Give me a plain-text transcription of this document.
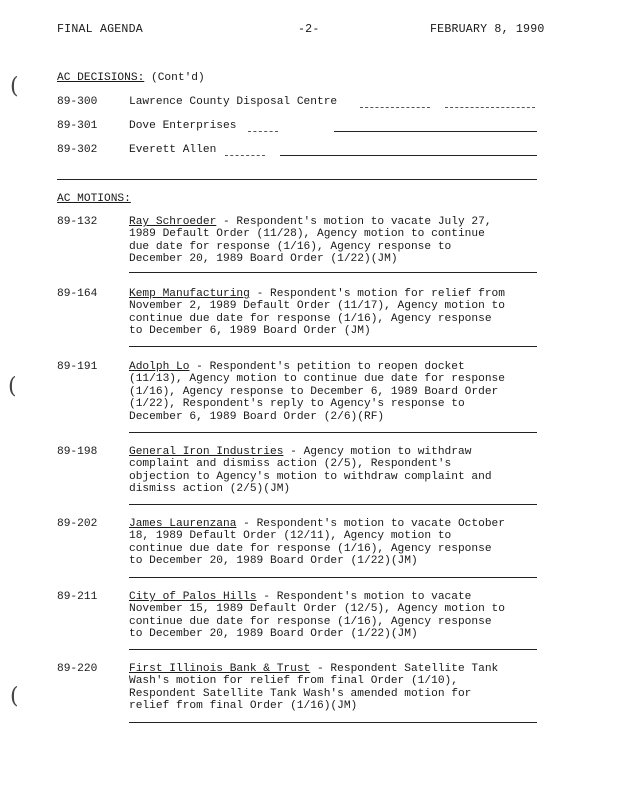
FINAL AGENDA	-2-	FEBRUARY 8, 1990
(
(
(
AC DECISIONS: (Cont'd)
89-300	Lawrence County Disposal Centre
89-301	Dove Enterprises
89-302	Everett Allen
AC MOTIONS:
89-132	Ray Schroeder - Respondent's motion to vacate July 27,
1989 Default Order (11/28), Agency motion to continue
due date for response (1/16), Agency response to
December 20, 1989 Board Order (1/22)(JM)
89-164	Kemp Manufacturing - Respondent's motion for relief from
November 2, 1989 Default Order (11/17), Agency motion to
continue due date for response (1/16), Agency response
to December 6, 1989 Board Order (JM)
89-191	Adolph Lo - Respondent's petition to reopen docket
(11/13), Agency motion to continue due date for response
(1/16), Agency response to December 6, 1989 Board Order
(1/22), Respondent's reply to Agency's response to
December 6, 1989 Board Order (2/6)(RF)
89-198	General Iron Industries - Agency motion to withdraw
complaint and dismiss action (2/5), Respondent's
objection to Agency's motion to withdraw complaint and
dismiss action (2/5)(JM)
89-202	James Laurenzana - Respondent's motion to vacate October
18, 1989 Default Order (12/11), Agency motion to
continue due date for response (1/16), Agency response
to December 20, 1989 Board Order (1/22)(JM)
89-211	City of Palos Hills - Respondent's motion to vacate
November 15, 1989 Default Order (12/5), Agency motion to
continue due date for response (1/16), Agency response
to December 20, 1989 Board Order (1/22)(JM)
89-220	First Illinois Bank & Trust - Respondent Satellite Tank
Wash's motion for relief from final Order (1/10),
Respondent Satellite Tank Wash's amended motion for
relief from final Order (1/16)(JM)
